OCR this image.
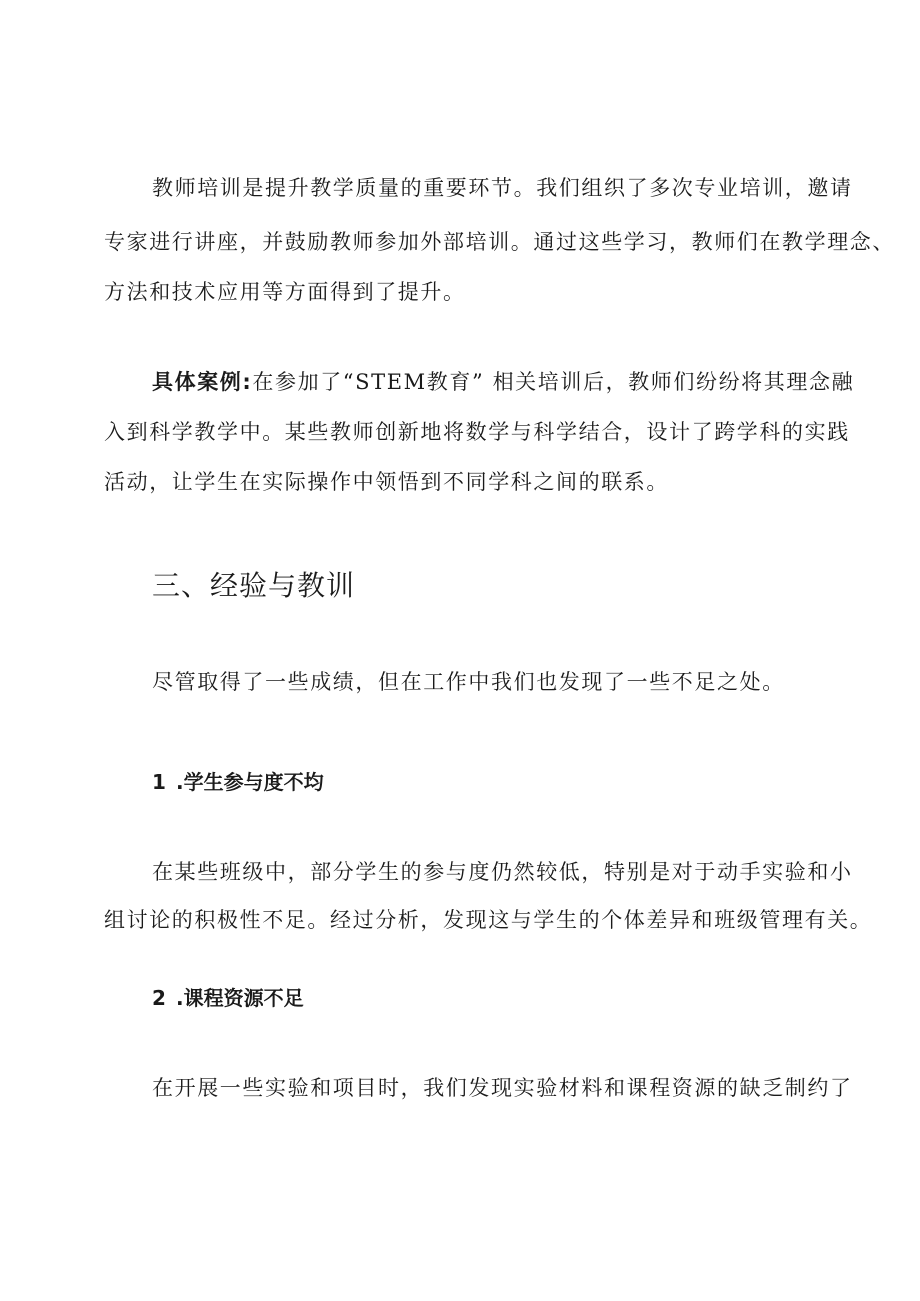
教师培训是提升教学质量的重要环节。我们组织了多次专业培训，邀请
专家进行讲座，并鼓励教师参加外部培训。通过这些学习，教师们在教学理念、
方法和技术应用等方面得到了提升。
具体案例:在参加了“STEM教育” 相关培训后，教师们纷纷将其理念融
入到科学教学中。某些教师创新地将数学与科学结合，设计了跨学科的实践
活动，让学生在实际操作中领悟到不同学科之间的联系。
三、经验与教训
尽管取得了一些成绩，但在工作中我们也发现了一些不足之处。
1 .学生参与度不均
在某些班级中，部分学生的参与度仍然较低，特别是对于动手实验和小
组讨论的积极性不足。经过分析，发现这与学生的个体差异和班级管理有关。
2 .课程资源不足
在开展一些实验和项目时，我们发现实验材料和课程资源的缺乏制约了
